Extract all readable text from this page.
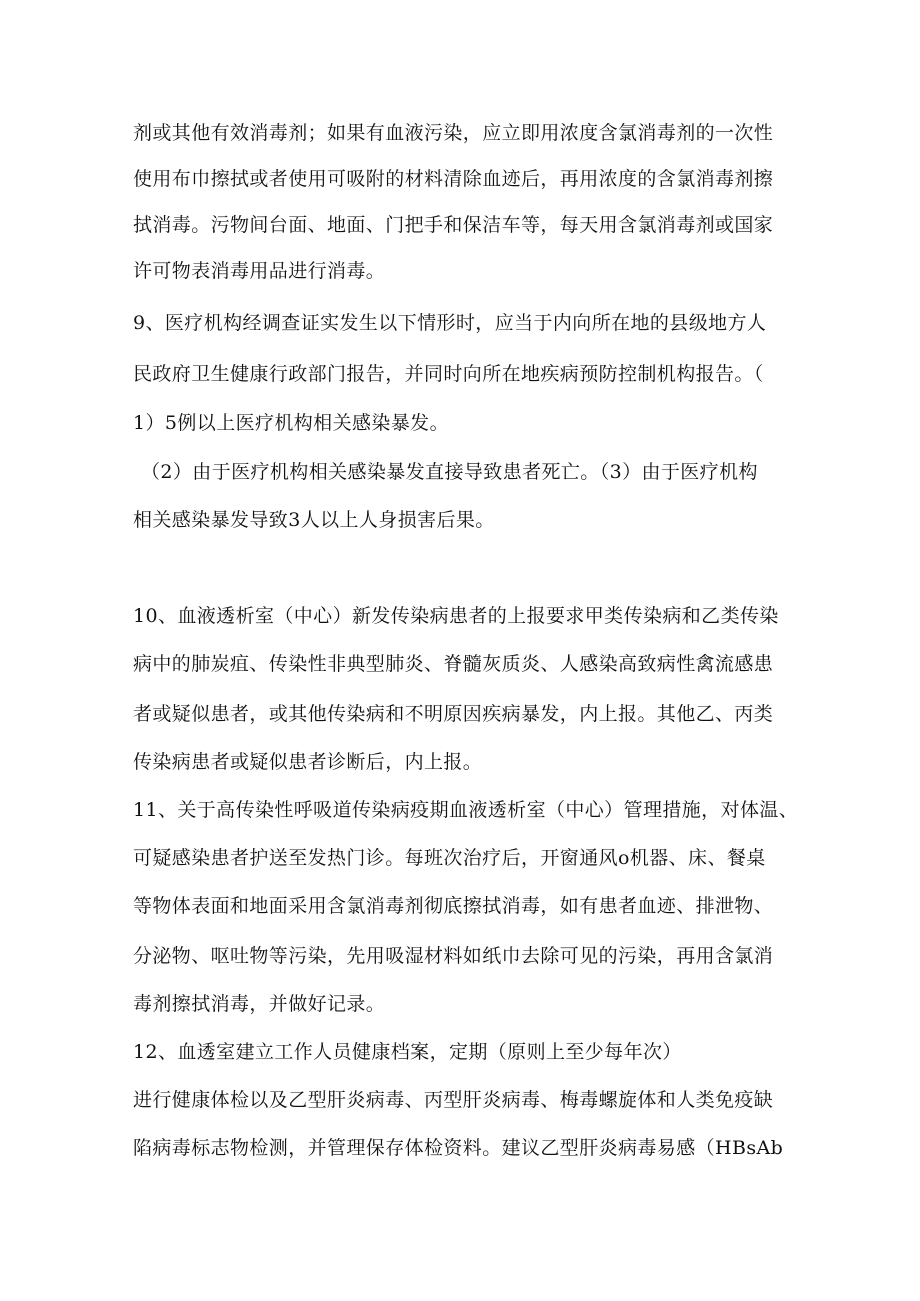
剂或其他有效消毒剂；如果有血液污染，应立即用浓度含氯消毒剂的一次性
使用布巾擦拭或者使用可吸附的材料清除血迹后，再用浓度的含氯消毒剂擦
拭消毒。污物间台面、地面、门把手和保洁车等，每天用含氯消毒剂或国家
许可物表消毒用品进行消毒。
9、医疗机构经调查证实发生以下情形时，应当于内向所在地的县级地方人
民政府卫生健康行政部门报告，并同时向所在地疾病预防控制机构报告。（
1）5例以上医疗机构相关感染暴发。
（2）由于医疗机构相关感染暴发直接导致患者死亡。（3）由于医疗机构
相关感染暴发导致3人以上人身损害后果。
10、血液透析室（中心）新发传染病患者的上报要求甲类传染病和乙类传染
病中的肺炭疽、传染性非典型肺炎、脊髓灰质炎、人感染高致病性禽流感患
者或疑似患者，或其他传染病和不明原因疾病暴发，内上报。其他乙、丙类
传染病患者或疑似患者诊断后，内上报。
11、关于高传染性呼吸道传染病疫期血液透析室（中心）管理措施，对体温、
可疑感染患者护送至发热门诊。每班次治疗后，开窗通风o机器、床、餐桌
等物体表面和地面采用含氯消毒剂彻底擦拭消毒，如有患者血迹、排泄物、
分泌物、呕吐物等污染，先用吸湿材料如纸巾去除可见的污染，再用含氯消
毒剂擦拭消毒，并做好记录。
12、血透室建立工作人员健康档案，定期（原则上至少每年次）
进行健康体检以及乙型肝炎病毒、丙型肝炎病毒、梅毒螺旋体和人类免疫缺
陷病毒标志物检测，并管理保存体检资料。建议乙型肝炎病毒易感（HBsAb
